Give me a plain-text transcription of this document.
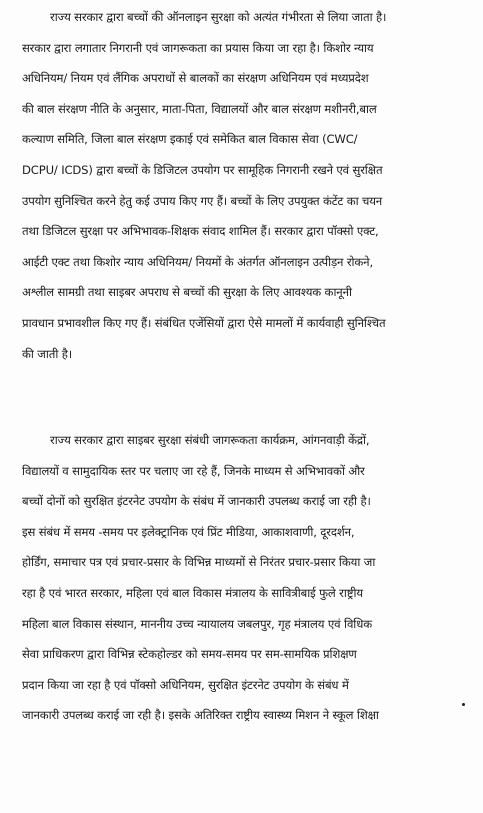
राज्य सरकार द्वारा बच्चों की ऑनलाइन सुरक्षा को अत्यंत गंभीरता से लिया जाता है।
सरकार द्वारा लगातार निगरानी एवं जागरूकता का प्रयास किया जा रहा है। किशोर न्याय
अधिनियम/ नियम एवं लैंगिक अपराधों से बालकों का संरक्षण अधिनियम एवं मध्यप्रदेश
की बाल संरक्षण नीति के अनुसार, माता-पिता, विद्यालयों और बाल संरक्षण मशीनरी,बाल
कल्याण समिति, जिला बाल संरक्षण इकाई एवं समेकित बाल विकास सेवा (CWC/
DCPU/ ICDS) द्वारा बच्चों के डिजिटल उपयोग पर सामूहिक निगरानी रखने एवं सुरक्षित
उपयोग सुनिश्चित करने हेतु कई उपाय किए गए हैं। बच्चों के लिए उपयुक्त कंटेंट का चयन
तथा डिजिटल सुरक्षा पर अभिभावक-शिक्षक संवाद शामिल हैं। सरकार द्वारा पॉक्सो एक्ट,
आईटी एक्ट तथा किशोर न्याय अधिनियम/ नियमों के अंतर्गत ऑनलाइन उत्पीड़न रोकने,
अश्लील सामग्री तथा साइबर अपराध से बच्चों की सुरक्षा के लिए आवश्यक कानूनी
प्रावधान प्रभावशील किए गए हैं। संबंधित एजेंसियों द्वारा ऐसे मामलों में कार्यवाही सुनिश्चित
की जाती है।
राज्य सरकार द्वारा साइबर सुरक्षा संबंधी जागरूकता कार्यक्रम, आंगनवाड़ी केंद्रों,
विद्यालयों व सामुदायिक स्तर पर चलाए जा रहे हैं, जिनके माध्यम से अभिभावकों और
बच्चों दोनों को सुरक्षित इंटरनेट उपयोग के संबंध में जानकारी उपलब्ध कराई जा रही है।
इस संबंध में समय -समय पर इलेक्ट्रानिक एवं प्रिंट मीडिया, आकाशवाणी, दूरदर्शन,
होर्डिंग, समाचार पत्र एवं प्रचार-प्रसार के विभिन्न माध्यमों से निरंतर प्रचार-प्रसार किया जा
रहा है एवं भारत सरकार, महिला एवं बाल विकास मंत्रालय के सावित्रीबाई फुले राष्ट्रीय
महिला बाल विकास संस्थान, माननीय उच्च न्यायालय जबलपुर, गृह मंत्रालय एवं विधिक
सेवा प्राधिकरण द्वारा विभिन्न स्टेकहोल्डर को समय-समय पर सम-सामयिक प्रशिक्षण
प्रदान किया जा रहा है एवं पॉक्सो अधिनियम, सुरक्षित इंटरनेट उपयोग के संबंध में
जानकारी उपलब्ध कराई जा रही है। इसके अतिरिक्त राष्ट्रीय स्वास्थ्य मिशन ने स्कूल शिक्षा
